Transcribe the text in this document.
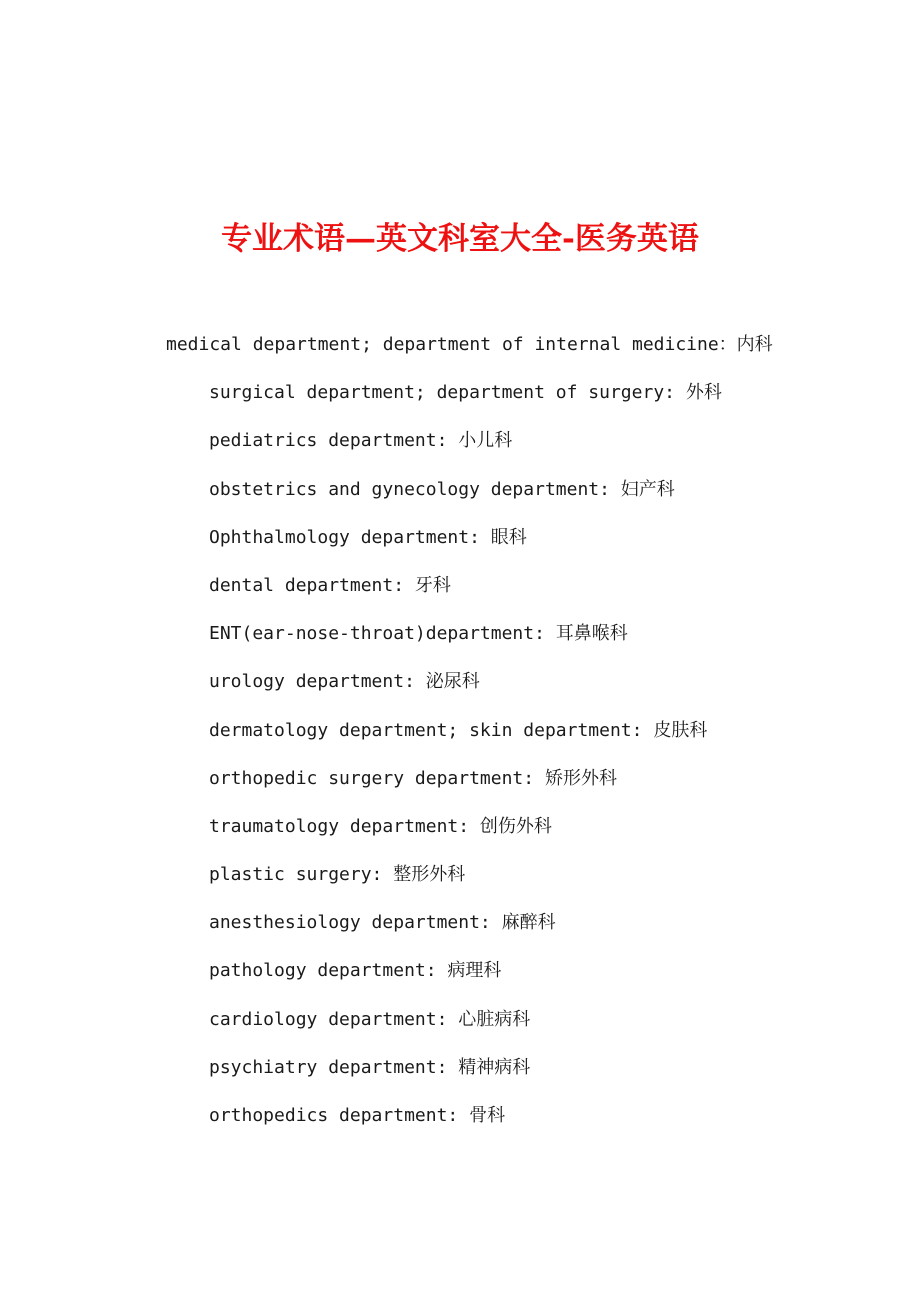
专业术语—英文科室大全-医务英语
medical department; department of internal medicine：内科
surgical department; department of surgery: 外科
pediatrics department: 小儿科
obstetrics and gynecology department: 妇产科
Ophthalmology department: 眼科
dental department: 牙科
ENT(ear-nose-throat)department: 耳鼻喉科
urology department: 泌尿科
dermatology department; skin department: 皮肤科
orthopedic surgery department: 矫形外科
traumatology department: 创伤外科
plastic surgery: 整形外科
anesthesiology department: 麻醉科
pathology department: 病理科
cardiology department: 心脏病科
psychiatry department: 精神病科
orthopedics department: 骨科
